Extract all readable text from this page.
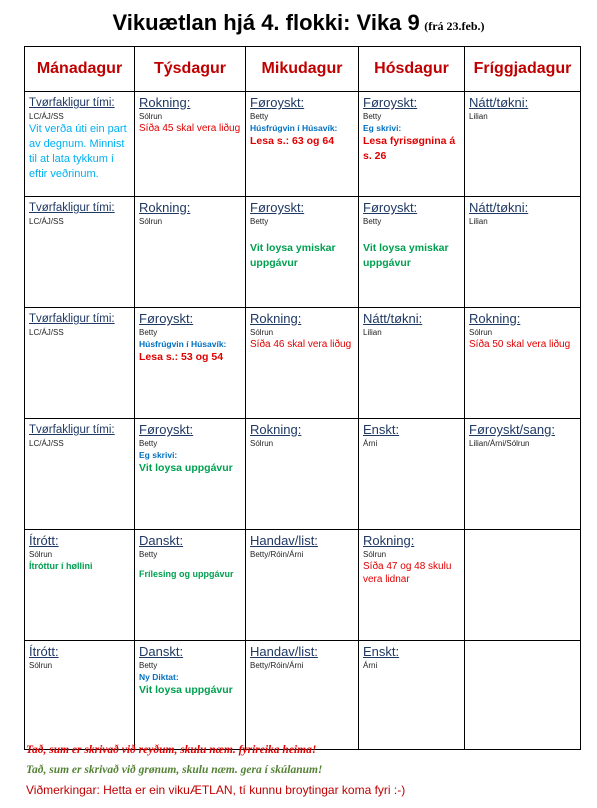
Vikuætlan hjá 4. flokki: Vika 9 (frá 23.feb.)
Mánadagur	Týsdagur	Mikudagur	Hósdagur	Fríggjadagur

Tvørfakligur tími:
LC/ÁJ/SS
Vit verða úti ein part av degnum. Minnist til at lata tykkum í eftir veðrinum.	Rokning:
Sólrun
Síða 45 skal vera liðug	Føroyskt:
Betty
Húsfrúgvin í Húsavík:
Lesa s.: 63 og 64	Føroyskt:
Betty
Eg skrivi:
Lesa fyrisøgnina á s. 26	Nátt/tøkni:
Lilian

Tvørfakligur tími:
LC/ÁJ/SS	Rokning:
Sólrun	Føroyskt:
Betty
Vit loysa ymiskar uppgávur	Føroyskt:
Betty
Vit loysa ymiskar uppgávur	Nátt/tøkni:
Lilian

Tvørfakligur tími:
LC/ÁJ/SS	Føroyskt:
Betty
Húsfrúgvin í Húsavík:
Lesa s.: 53 og 54	Rokning:
Sólrun
Síða 46 skal vera liðug	Nátt/tøkni:
Lilian	Rokning:
Sólrun
Síða 50 skal vera liðug

Tvørfakligur tími:
LC/ÁJ/SS	Føroyskt:
Betty
Eg skrivi:
Vit loysa uppgávur	Rokning:
Sólrun	Enskt:
Árni	Føroyskt/sang:
Lilian/Árni/Sólrun

Ítrótt:
Sólrun
Ítróttur í høllini	Danskt:
Betty
Frílesing og uppgávur	Handav/list:
Betty/Róin/Árni	Rokning:
Sólrun
Síða 47 og 48 skulu vera lidnar	

Ítrótt:
Sólrun	Danskt:
Betty
Ny Diktat:
Vit loysa uppgávur	Handav/list:
Betty/Róin/Árni	Enskt:
Árni	

Tað, sum er skrivað við reyðum, skulu næm. fyrireika heima!
Tað, sum er skrivað við grønum, skulu næm. gera í skúlanum!
Viðmerkingar: Hetta er ein vikuÆTLAN, tí kunnu broytingar koma fyri :-)
